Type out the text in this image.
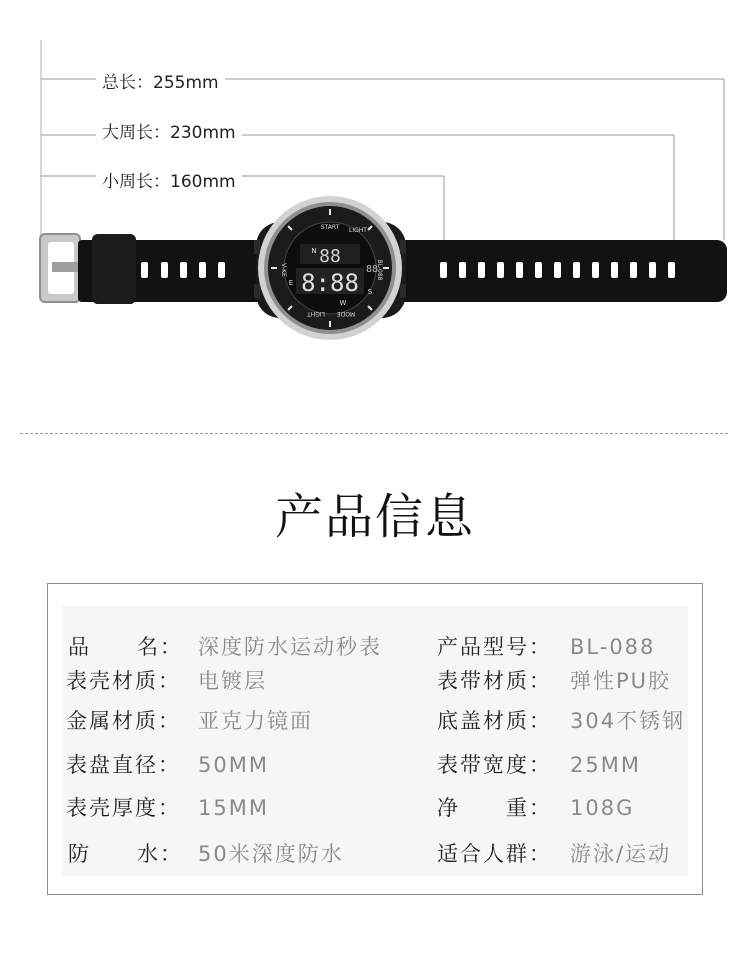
88
8:88 88
START LIGHT
V-KE	BL-088
LIGHT MODE
N
S
E
W
总长：255mm
大周长：230mm
小周长：160mm
产品信息
品　　名： 深度防水运动秒表	产品型号： BL-088
表壳材质： 电镀层	表带材质： 弹性PU胶
金属材质： 亚克力镜面	底盖材质： 304不锈钢
表盘直径： 50MM	表带宽度： 25MM
表壳厚度： 15MM	净　　重： 108G
防　　水： 50米深度防水	适合人群： 游泳/运动
